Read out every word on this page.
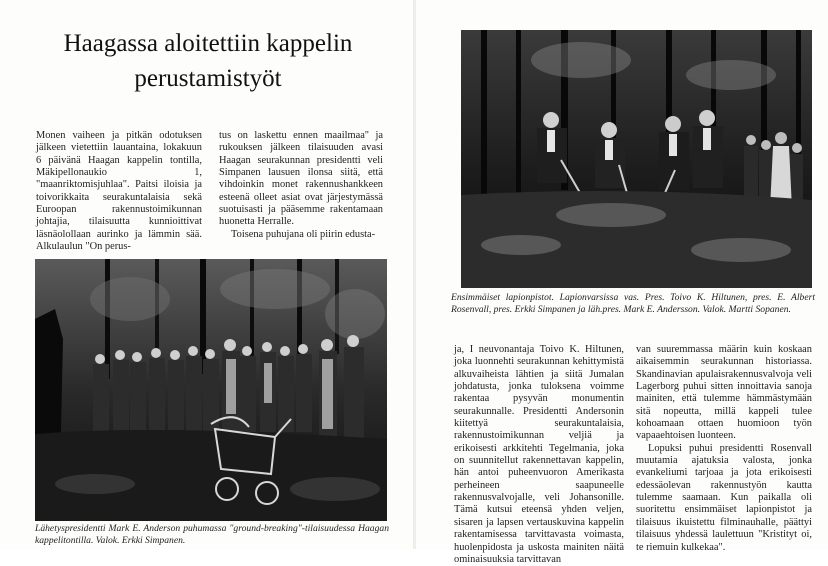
Haagassa aloitettiin kappelin perustamistyöt

Monen vaiheen ja pitkän odotuksen jälkeen vietettiin lauantaina, lokakuun 6 päivänä Haagan kappelin tontilla, Mäkipellonaukio 1, "maanriktomisjuhlaa". Paitsi iloisia ja toivorikkaita seurakuntalaisia sekä Euroopan rakennustoimikunnan johtajia, tilaisuutta kunnioittivat läsnäolollaan aurinko ja lämmin sää. Alkulaulun "On perus-

tus on laskettu ennen maailmaa" ja rukouksen jälkeen tilaisuuden avasi Haagan seurakunnan presidentti veli Simpanen lausuen ilonsa siitä, että vihdoinkin monet rakennushankkeen esteenä olleet asiat ovat järjestymässä suotuisasti ja pääsemme rakentamaan huonetta Herralle.

Toisena puhujana oli piirin edusta-

Lähetyspresidentti Mark E. Anderson puhumassa "ground-breaking"-tilaisuudessa Haagan kappelitontilla. Valok. Erkki Simpanen.

Ensimmäiset lapionpistot. Lapionvarsissa vas. Pres. Toivo K. Hiltunen, pres. E. Albert Rosenvall, pres. Erkki Simpanen ja läh.pres. Mark E. Andersson. Valok. Martti Sopanen.

ja, I neuvonantaja Toivo K. Hiltunen, joka luonnehti seurakunnan kehittymistä alkuvaiheista lähtien ja siitä Jumalan johdatusta, jonka tuloksena voimme rakentaa pysyvän monumentin seurakunnalle. Presidentti Andersonin kiitettyä seurakuntalaisia, rakennustoimikunnan veljiä ja erikoisesti arkkitehti Tegelmania, joka on suunnitellut rakennettavan kappelin, hän antoi puheenvuoron Amerikasta perheineen saapuneelle rakennusvalvojalle, veli Johansonille. Tämä kutsui eteensä yhden veljen, sisaren ja lapsen vertauskuvina kappelin rakentamisessa tarvittavasta voimasta, huolenpidosta ja uskosta mainiten näitä ominaisuuksia tarvittavan

van suuremmassa määrin kuin koskaan aikaisemmin seurakunnan historiassa. Skandinavian apulaisrakennusvalvoja veli Lagerborg puhui sitten innoittavia sanoja mainiten, että tulemme hämmästymään sitä nopeutta, millä kappeli tulee kohoamaan ottaen huomioon työn vapaaehtoisen luonteen.

Lopuksi puhui presidentti Rosenvall muutamia ajatuksia valosta, jonka evankeliumi tarjoaa ja jota erikoisesti edessäolevan rakennustyön kautta tulemme saamaan. Kun paikalla oli suoritettu ensimmäiset lapionpistot ja tilaisuus ikuistettu filminauhalle, päättyi tilaisuus yhdessä laulettuun "Kristityt oi, te riemuin kulkekaa".
